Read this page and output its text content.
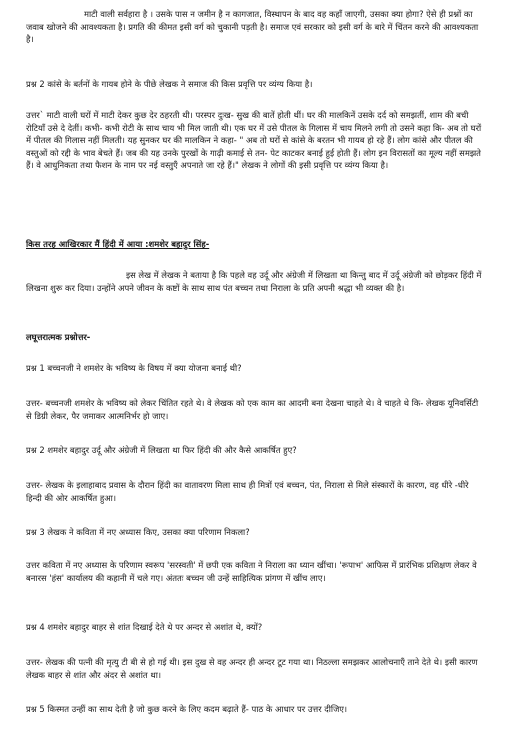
माटी वाली सर्वहारा है । उसके पास न जमीन है न कागजात, विस्थापन के बाद वह कहाँ जाएगी, उसका क्या होगा? ऐसे ही प्रश्नों का जवाब खोजने की आवश्यकता है। प्रगति की कीमत इसी वर्ग को चुकानी पड़ती है। समाज एवं सरकार को इसी वर्ग के बारे में चिंतन करने की आवश्यकता है।

प्रश्न 2 कांसे के बर्तनों के गायब होने के पीछे लेखक ने समाज की किस प्रवृत्ति पर व्यंग्य किया है।

उत्तर` माटी वाली घरों में माटी देकर कुछ देर ठहरती थी। परस्पर दुःख- सुख की बातें होती थीं। घर की मालकिनें उसके दर्द को समझतीं, शाम की बची रोटियाँ उसे दे देतीं। कभी- कभी रोटी के साथ चाय भी मिल जाती थी। एक घर में उसे पीतल के गिलास में चाय मिलने लगी तो उसने कहा कि- अब तो घरों में पीतल की गिलास नहीं मिलती। यह सुनकर घर की मालकिन ने कहा- " अब तो घरों से कांसे के बरतन भी गायब हो रहे हैं। लोग कांसे और पीतल की वस्तुओं को रद्दी के भाव बेचते हैं। जब की यह उनके पुरखों के गाढ़ी कमाई से तन- पेट काटकर बनाई हुई होती हैं। लोग इन विरासतों का मूल्य नहीं समझते हैं। वे आधुनिकता तथा फैशन के नाम पर नई वस्तुएँ अपनाते जा रहे हैं।" लेखक ने लोगों की इसी प्रवृत्ति पर व्यंग्य किया है।

किस तरह आखिरकार मैं हिंदी में आया :शमशेर बहादुर सिंह-

इस लेख में लेखक ने बताया है कि पहले वह उर्दू और अंग्रेजी में लिखता था किन्तु बाद में उर्दू अंग्रेजी को छोड़कर हिंदी में लिखना शुरू कर दिया। उन्होंने अपने जीवन के कष्टों के साथ साथ पंत बच्चन तथा निराला के प्रति अपनी श्रद्धा भी व्यक्त की है।

लघूत्तरात्मक प्रश्नोत्तर-

प्रश्न 1 बच्चनजी ने शमशेर के भविष्य के विषय में क्या योजना बनाई थी?

उत्तर- बच्चनजी शमशेर के भविष्य को लेकर चिंतित रहते थे। वे लेखक को एक काम का आदमी बना देखना चाहते थे। वे चाहते थे कि- लेखक यूनिवर्सिटी से डिग्री लेकर, पैर जमाकर आत्मनिर्भर हो जाए।

प्रश्न 2 शमशेर बहादुर उर्दू और अंग्रेजी में लिखता था फिर हिंदी की और कैसे आकर्षित हुए?

उत्तर- लेखक के इलाहाबाद प्रवास के दौरान हिंदी का वातावरण मिला साथ ही मित्रों एवं बच्चन, पंत, निराला से मिले संस्कारों के कारण, वह धीरे -धीरे हिन्दी की ओर आकर्षित हुआ।

प्रश्न 3 लेखक ने कविता में नए अध्यास किए, उसका क्या परिणाम निकला?

उत्तर कविता में नए अध्यास के परिणाम स्वरूप 'सरस्वती' में छपी एक कविता ने निराला का ध्यान खींचा। 'रूपाभ' आफिस में प्रारंभिक प्रशिक्षण लेकर वे बनारस 'हंस' कार्यालय की कहानी में चले गए। अंततः बच्चन जी उन्हें साहित्यिक प्रांगण में खींच लाए।

प्रश्न 4 शमशेर बहादुर बाहर से शांत दिखाई देते थे पर अन्दर से अशांत थे, क्यों?

उत्तर- लेखक की पत्नी की मृत्यु टी बी से हो गई थी। इस दुख से वह अन्दर ही अन्दर टूट गया था। निठल्ला समझकर आलोचनाएँ ताने देते थे। इसी कारण लेखक बाहर से शांत और अंदर से अशांत था।

प्रश्न 5 किस्मत उन्हीं का साथ देती है जो कुछ करने के लिए कदम बढ़ाते हैं- पाठ के आधार पर उत्तर दीजिए।
